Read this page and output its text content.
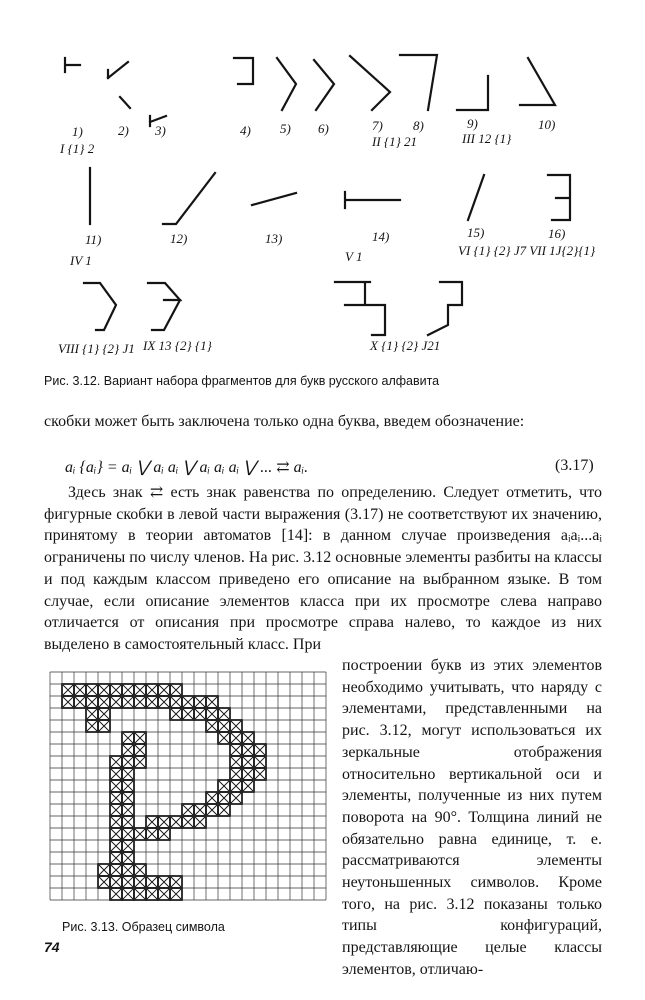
1)
I {1} 2
2) 3)	4) 5) 6)	7)
II {1} 21
8)	9)
III 12 {1}
10)
11)
IV 1
12)	13)	14)
V 1
15)	16)
VI {1} {2} J7 VII 1J{2}{1}
VIII {1} {2} J1 IX 13 {2} {1}	X {1} {2} J21
Рис. 3.12. Вариант набора фрагментов для букв русского алфавита

скобки может быть заключена только одна буква, введем обозначение:

aᵢ {aᵢ} = aᵢ ⋁ aᵢ aᵢ ⋁ aᵢ aᵢ aᵢ ⋁ ... ⇄ aᵢ.	(3.17)

Здесь знак ⇄ есть знак равенства по определению. Следует отметить, что фигурные скобки в левой части выражения (3.17) не соответствуют их значению, принятому в теории автоматов [14]: в данном случае произведения aᵢaᵢ...aᵢ ограничены по числу членов. На рис. 3.12 основные элементы разбиты на классы и под каждым классом приведено его описание на выбранном языке. В том случае, если описание элементов класса при их просмотре слева направо отличается от описания при просмотре справа налево, то каждое из них выделено в самостоятельный класс. При

построении букв из этих элементов необходимо учитывать, что наряду с элементами, представленными на рис. 3.12, могут использоваться их зеркальные отображения относительно вертикальной оси и элементы, полученные из них путем поворота на 90°. Толщина линий не обязательно равна единице, т. е. рассматриваются элементы неутоньшенных символов. Кроме того, на рис. 3.12 показаны только типы конфигураций, представляющие целые классы элементов, отличаю-

Рис. 3.13. Образец символа
74
